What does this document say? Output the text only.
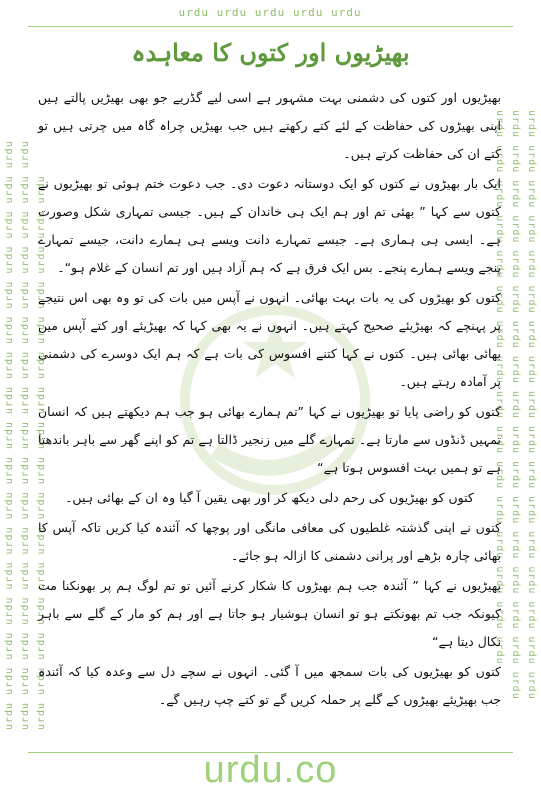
urdu urdu urdu urdu urdu
urdu urdu urdu urdu urdu urdu urdu urdu urdu urdu urdu urdu urdu urdu urdu urdu urdu urdu urdu urdu urdu urdu urdu urdu urdu urdu urdu urdu urdu urdu urdu urdu urdu urdu urdu urdu urdu urdu urdu urdu urdu urdu urdu urdu urdu urdu urdu urdu urdu urdu	urdu urdu urdu urdu urdu urdu urdu urdu urdu urdu urdu urdu urdu urdu urdu urdu urdu urdu urdu urdu urdu urdu urdu urdu urdu urdu urdu urdu urdu urdu urdu urdu urdu urdu urdu urdu urdu urdu urdu urdu urdu urdu urdu urdu urdu urdu urdu urdu urdu urdu
بھیڑیوں اور کتوں کا معاہدہ

بھیڑیوں اور کتوں کی دشمنی بہت مشہور ہے اسی لیے گڈریے جو بھی بھیڑیں پالتے ہیں اپنی بھیڑوں کی حفاظت کے لئے کتے رکھتے ہیں جب بھیڑیں چراہ گاہ میں چرتی ہیں تو کتے ان کی حفاظت کرتے ہیں۔

ایک بار بھیڑوں نے کتوں کو ایک دوستانہ دعوت دی۔ جب دعوت ختم ہوئی تو بھیڑیوں نے کتوں سے کہا ” بھئی تم اور ہم ایک ہی خاندان کے ہیں۔ جیسی تمہاری شکل وصورت ہے۔ ایسی ہی ہماری ہے۔ جیسے تمہارے دانت ویسے ہی ہمارے دانت، جیسے تمہارے پنجے ویسے ہمارے پنجے۔ بس ایک فرق ہے کہ ہم آزاد ہیں اور تم انسان کے غلام ہو“۔

کتوں کو بھیڑوں کی یہ بات بہت بھائی۔ انہوں نے آپس میں بات کی تو وہ بھی اس نتیجے پر پہنچے کہ بھیڑیئے صحیح کہتے ہیں۔ انہوں نے یہ بھی کہا کہ بھیڑیئے اور کتے آپس میں بھائی بھائی ہیں۔ کتوں نے کہا کتنے افسوس کی بات ہے کہ ہم ایک دوسرے کی دشمنی پر آمادہ رہتے ہیں۔

کتوں کو راضی پایا تو بھیڑیوں نے کہا ”تم ہمارے بھائی ہو جب ہم دیکھتے ہیں کہ انسان تمہیں ڈنڈوں سے مارتا ہے۔ تمہارے گلے میں زنجیر ڈالتا ہے تم کو اپنے گھر سے باہر باندھتا ہے تو ہمیں بہت افسوس ہوتا ہے“

کتوں کو بھیڑیوں کی رحم دلی دیکھ کر اور بھی یقین آ گیا وہ ان کے بھائی ہیں۔

کتوں نے اپنی گذشتہ غلطیوں کی معافی مانگی اور پوچھا کہ آئندہ کیا کریں تاکہ آپس کا بھائی چارہ بڑھے اور پرانی دشمنی کا ازالہ ہو جائے۔

بھیڑیوں نے کہا ” آئندہ جب ہم بھیڑوں کا شکار کرنے آئیں تو تم لوگ ہم پر بھونکنا مت کیونکہ جب تم بھونکتے ہو تو انسان ہوشیار ہو جاتا ہے اور ہم کو مار کے گلے سے باہر نکال دیتا ہے“

کتوں کو بھیڑیوں کی بات سمجھ میں آ گئی۔ انہوں نے سچے دل سے وعدہ کیا کہ آئندہ جب بھیڑیئے بھیڑوں کے گلے پر حملہ کریں گے تو کتے چپ رہیں گے۔

urdu.co
